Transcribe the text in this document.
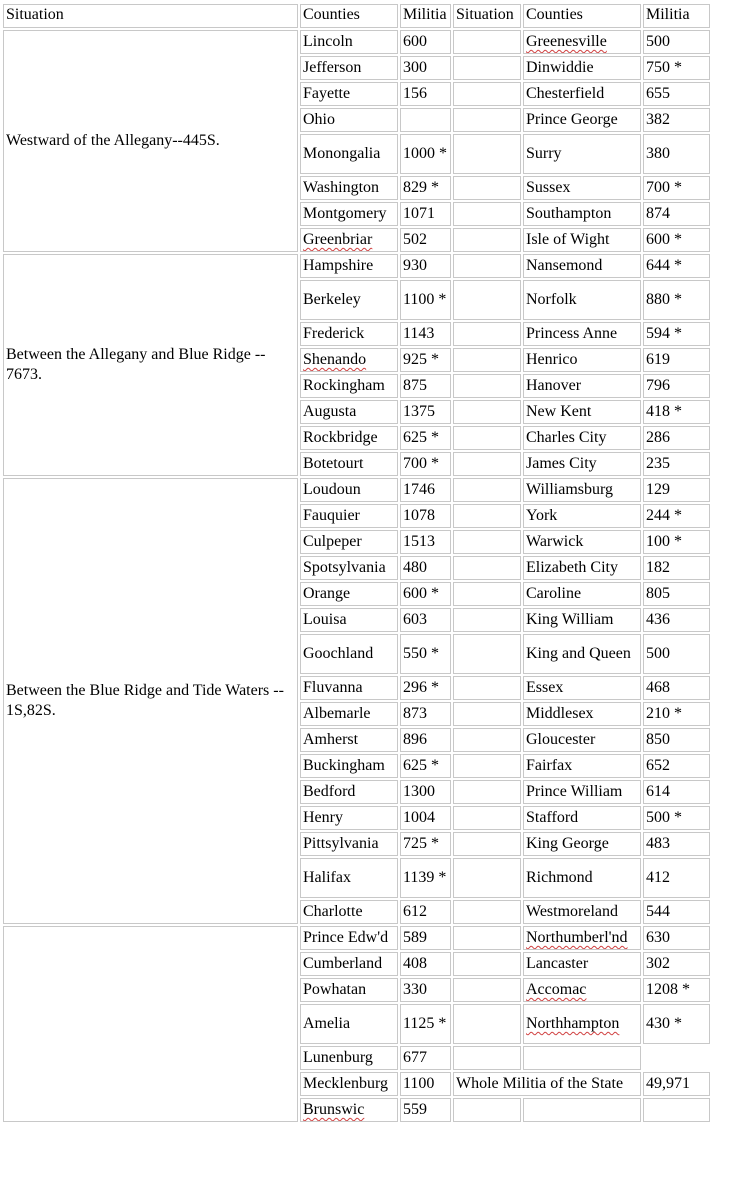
Situation	Counties	Militia	Situation	Counties	Militia
Westward of the Allegany--445S.	Lincoln	600		Greenesville	500
	Jefferson	300		Dinwiddie	750 *
	Fayette	156		Chesterfield	655
	Ohio			Prince George	382
	Monongalia	1000 *		Surry	380
	Washington	829 *		Sussex	700 *
	Montgomery	1071		Southampton	874
	Greenbriar	502		Isle of Wight	600 *
Between the Allegany and Blue Ridge -- 7673.	Hampshire	930		Nansemond	644 *
	Berkeley	1100 *		Norfolk	880 *
	Frederick	1143		Princess Anne	594 *
	Shenando	925 *		Henrico	619
	Rockingham	875		Hanover	796
	Augusta	1375		New Kent	418 *
	Rockbridge	625 *		Charles City	286
	Botetourt	700 *		James City	235
Between the Blue Ridge and Tide Waters -- 1S,82S.	Loudoun	1746		Williamsburg	129
	Fauquier	1078		York	244 *
	Culpeper	1513		Warwick	100 *
	Spotsylvania	480		Elizabeth City	182
	Orange	600 *		Caroline	805
	Louisa	603		King William	436
	Goochland	550 *		King and Queen	500
	Fluvanna	296 *		Essex	468
	Albemarle	873		Middlesex	210 *
	Amherst	896		Gloucester	850
	Buckingham	625 *		Fairfax	652
	Bedford	1300		Prince William	614
	Henry	1004		Stafford	500 *
	Pittsylvania	725 *		King George	483
	Halifax	1139 *		Richmond	412
	Charlotte	612		Westmoreland	544
	Prince Edw'd	589		Northumberl'nd	630
	Cumberland	408		Lancaster	302
	Powhatan	330		Accomac	1208 *
	Amelia	1125 *		Northhampton	430 *
	Lunenburg	677			
	Mecklenburg	1100	Whole Militia of the State		49,971
	Brunswic	559			
